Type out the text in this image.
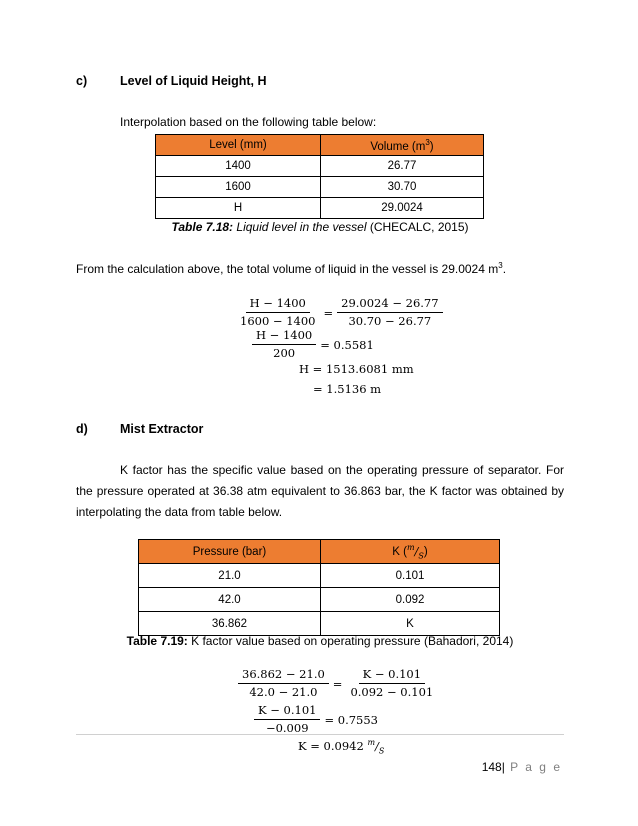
c)	Level of Liquid Height, H
Interpolation based on the following table below:
Level (mm)	Volume $(m^3)$
1400	26.77
1600	30.70
H	29.0024
Table 7.18: Liquid level in the vessel (CHECALC, 2015)
From the calculation above, the total volume of liquid in the vessel is 29.0024 $m^3$.
$\frac{H - 1400}{1600 - 1400} = \frac{29.0024 - 26.77}{30.70 - 26.77}$
$\frac{H - 1400}{200} = 0.5581$
H = 1513.6081 mm
= 1.5136 m
d)	Mist Extractor
K factor has the specific value based on the operating pressure of separator. For the pressure operated at 36.38 atm equivalent to 36.863 bar, the K factor was obtained by interpolating the data from table below.
Pressure (bar)	K $(^m/_S)$
21.0	0.101
42.0	0.092
36.862	K
Table 7.19: K factor value based on operating pressure (Bahadori, 2014)
$\frac{36.862 - 21.0}{42.0 - 21.0} = \frac{K - 0.101}{0.092 - 0.101}$
$\frac{K - 0.101}{-0.009} = 0.7553$
K = 0.0942 $^m/_S$
148| P a g e
